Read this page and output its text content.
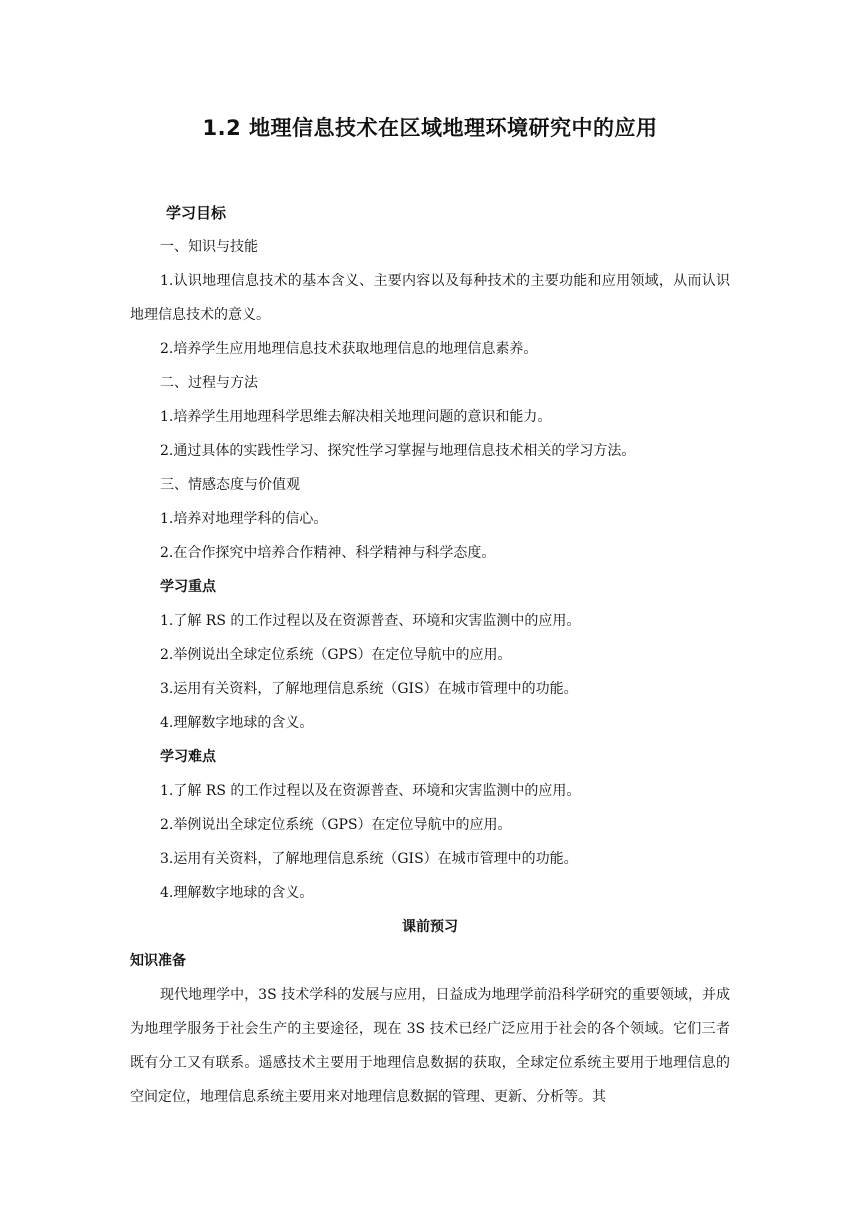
1.2 地理信息技术在区域地理环境研究中的应用
学习目标
一、知识与技能
1.认识地理信息技术的基本含义、主要内容以及每种技术的主要功能和应用领域，从而认识地理信息技术的意义。
2.培养学生应用地理信息技术获取地理信息的地理信息素养。
二、过程与方法
1.培养学生用地理科学思维去解决相关地理问题的意识和能力。
2.通过具体的实践性学习、探究性学习掌握与地理信息技术相关的学习方法。
三、情感态度与价值观
1.培养对地理学科的信心。
2.在合作探究中培养合作精神、科学精神与科学态度。
学习重点
1.了解 RS 的工作过程以及在资源普查、环境和灾害监测中的应用。
2.举例说出全球定位系统（GPS）在定位导航中的应用。
3.运用有关资料，了解地理信息系统（GIS）在城市管理中的功能。
4.理解数字地球的含义。
学习难点
1.了解 RS 的工作过程以及在资源普查、环境和灾害监测中的应用。
2.举例说出全球定位系统（GPS）在定位导航中的应用。
3.运用有关资料，了解地理信息系统（GIS）在城市管理中的功能。
4.理解数字地球的含义。
课前预习
知识准备
现代地理学中，3S 技术学科的发展与应用，日益成为地理学前沿科学研究的重要领域，并成为地理学服务于社会生产的主要途径，现在 3S 技术已经广泛应用于社会的各个领域。它们三者既有分工又有联系。遥感技术主要用于地理信息数据的获取，全球定位系统主要用于地理信息的空间定位，地理信息系统主要用来对地理信息数据的管理、更新、分析等。其
